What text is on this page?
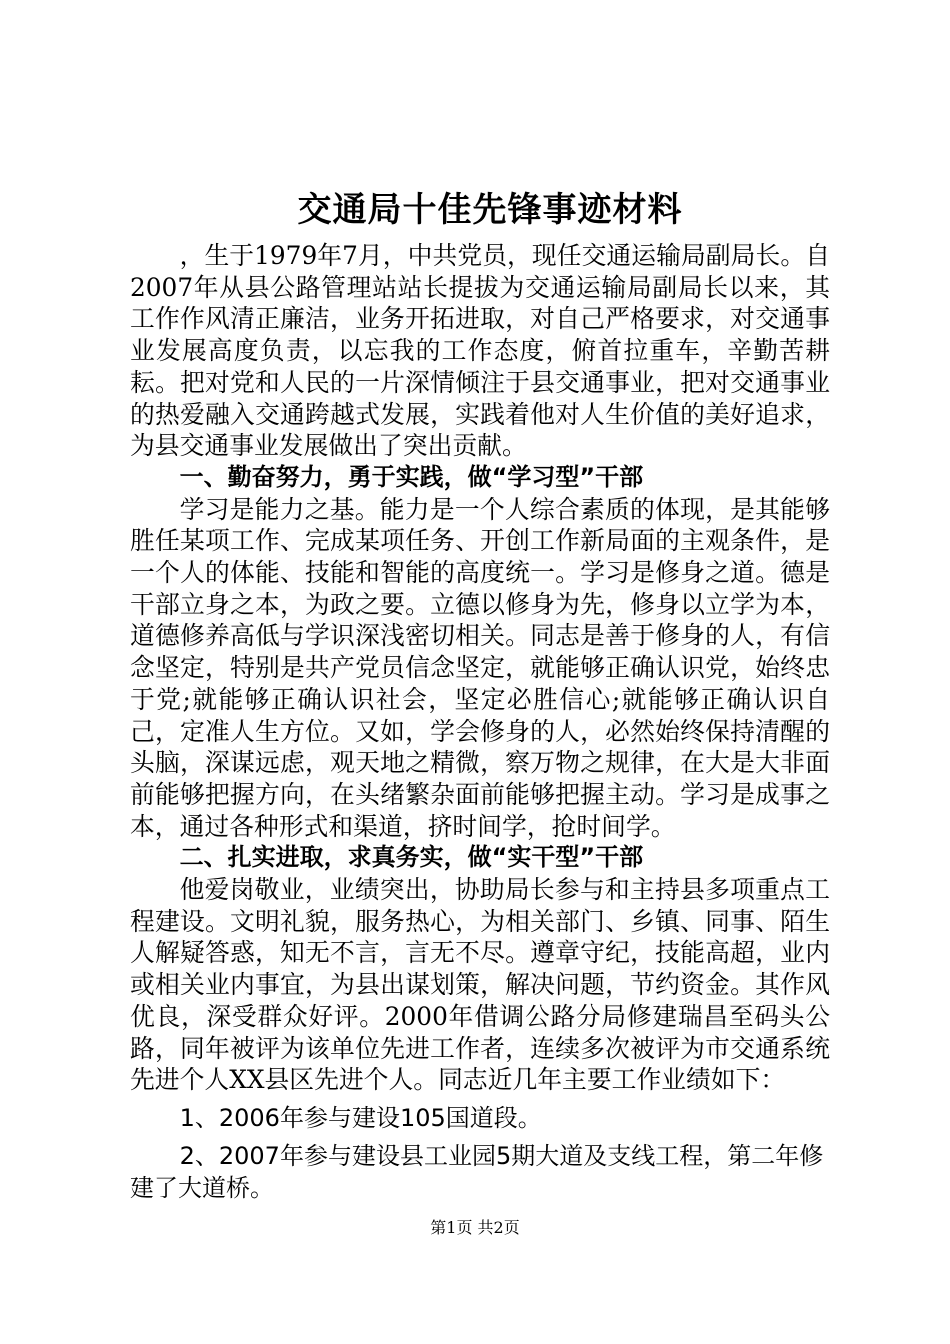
交通局十佳先锋事迹材料

，生于1979年7月，中共党员，现任交通运输局副局长。自2007年从县公路管理站站长提拔为交通运输局副局长以来，其工作作风清正廉洁，业务开拓进取，对自己严格要求，对交通事业发展高度负责，以忘我的工作态度，俯首拉重车，辛勤苦耕耘。把对党和人民的一片深情倾注于县交通事业，把对交通事业的热爱融入交通跨越式发展，实践着他对人生价值的美好追求，为县交通事业发展做出了突出贡献。

一、勤奋努力，勇于实践，做“学习型”干部

学习是能力之基。能力是一个人综合素质的体现，是其能够胜任某项工作、完成某项任务、开创工作新局面的主观条件，是一个人的体能、技能和智能的高度统一。学习是修身之道。德是干部立身之本，为政之要。立德以修身为先，修身以立学为本，道德修养高低与学识深浅密切相关。同志是善于修身的人，有信念坚定，特别是共产党员信念坚定，就能够正确认识党，始终忠于党;就能够正确认识社会，坚定必胜信心;就能够正确认识自己，定准人生方位。又如，学会修身的人，必然始终保持清醒的头脑，深谋远虑，观天地之精微，察万物之规律，在大是大非面前能够把握方向，在头绪繁杂面前能够把握主动。学习是成事之本，通过各种形式和渠道，挤时间学，抢时间学。

二、扎实进取，求真务实，做“实干型”干部

他爱岗敬业，业绩突出，协助局长参与和主持县多项重点工程建设。文明礼貌，服务热心，为相关部门、乡镇、同事、陌生人解疑答惑，知无不言，言无不尽。遵章守纪，技能高超，业内或相关业内事宜，为县出谋划策，解决问题，节约资金。其作风优良，深受群众好评。2000年借调公路分局修建瑞昌至码头公路，同年被评为该单位先进工作者，连续多次被评为市交通系统先进个人XX县区先进个人。同志近几年主要工作业绩如下：

1、2006年参与建设105国道段。

2、2007年参与建设县工业园5期大道及支线工程，第二年修建了大道桥。

第1页 共2页
